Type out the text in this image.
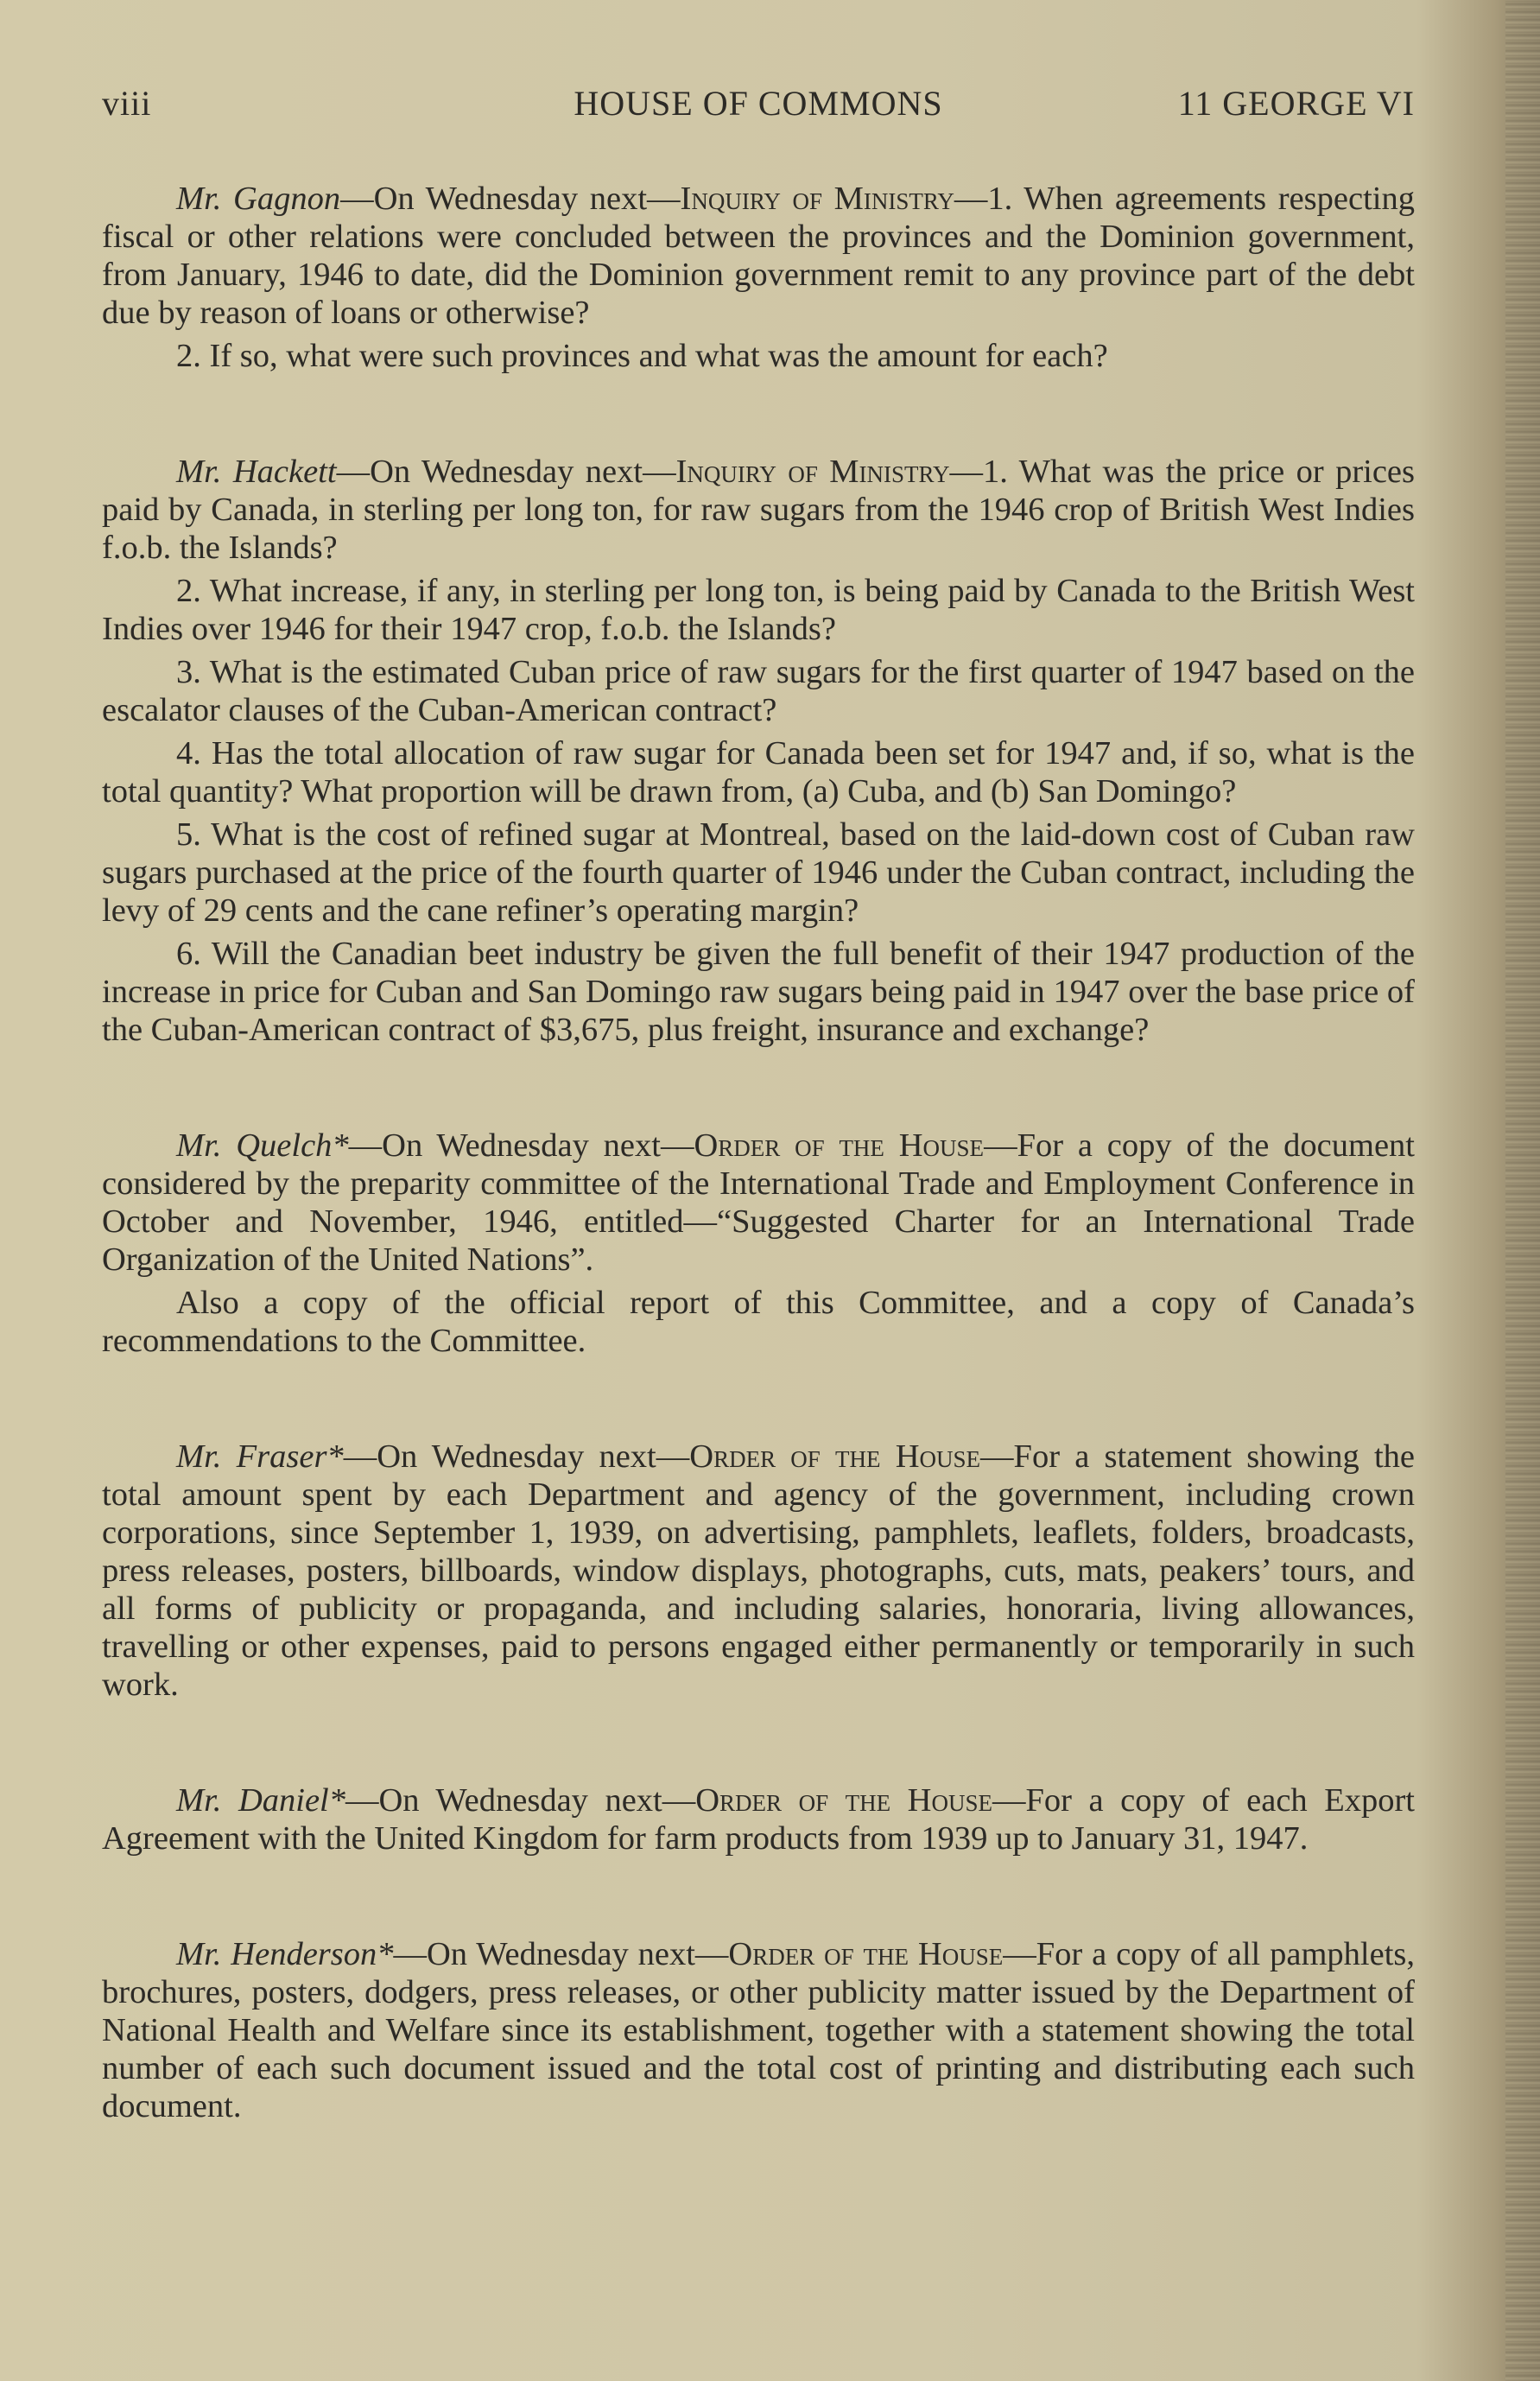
viii	HOUSE OF COMMONS	11 GEORGE VI

Mr. Gagnon—On Wednesday next—Inquiry of Ministry—1. When agreements respecting fiscal or other relations were concluded between the provinces and the Dominion government, from January, 1946 to date, did the Dominion government remit to any province part of the debt due by reason of loans or otherwise?

2. If so, what were such provinces and what was the amount for each?

Mr. Hackett—On Wednesday next—Inquiry of Ministry—1. What was the price or prices paid by Canada, in sterling per long ton, for raw sugars from the 1946 crop of British West Indies f.o.b. the Islands?

2. What increase, if any, in sterling per long ton, is being paid by Canada to the British West Indies over 1946 for their 1947 crop, f.o.b. the Islands?

3. What is the estimated Cuban price of raw sugars for the first quarter of 1947 based on the escalator clauses of the Cuban-American contract?

4. Has the total allocation of raw sugar for Canada been set for 1947 and, if so, what is the total quantity? What proportion will be drawn from, (a) Cuba, and (b) San Domingo?

5. What is the cost of refined sugar at Montreal, based on the laid-down cost of Cuban raw sugars purchased at the price of the fourth quarter of 1946 under the Cuban contract, including the levy of 29 cents and the cane refiner’s operating margin?

6. Will the Canadian beet industry be given the full benefit of their 1947 production of the increase in price for Cuban and San Domingo raw sugars being paid in 1947 over the base price of the Cuban-American contract of $3,675, plus freight, insurance and exchange?

Mr. Quelch*—On Wednesday next—Order of the House—For a copy of the document considered by the preparity committee of the International Trade and Employment Conference in October and November, 1946, entitled—“Suggested Charter for an International Trade Organization of the United Nations”.

Also a copy of the official report of this Committee, and a copy of Canada’s recommendations to the Committee.

Mr. Fraser*—On Wednesday next—Order of the House—For a statement showing the total amount spent by each Department and agency of the government, including crown corporations, since September 1, 1939, on advertising, pamphlets, leaflets, folders, broadcasts, press releases, posters, billboards, window displays, photographs, cuts, mats, peakers’ tours, and all forms of publicity or propaganda, and including salaries, honoraria, living allowances, travelling or other expenses, paid to persons engaged either permanently or temporarily in such work.

Mr. Daniel*—On Wednesday next—Order of the House—For a copy of each Export Agreement with the United Kingdom for farm products from 1939 up to January 31, 1947.

Mr. Henderson*—On Wednesday next—Order of the House—For a copy of all pamphlets, brochures, posters, dodgers, press releases, or other publicity matter issued by the Department of National Health and Welfare since its establishment, together with a statement showing the total number of each such document issued and the total cost of printing and distributing each such document.
